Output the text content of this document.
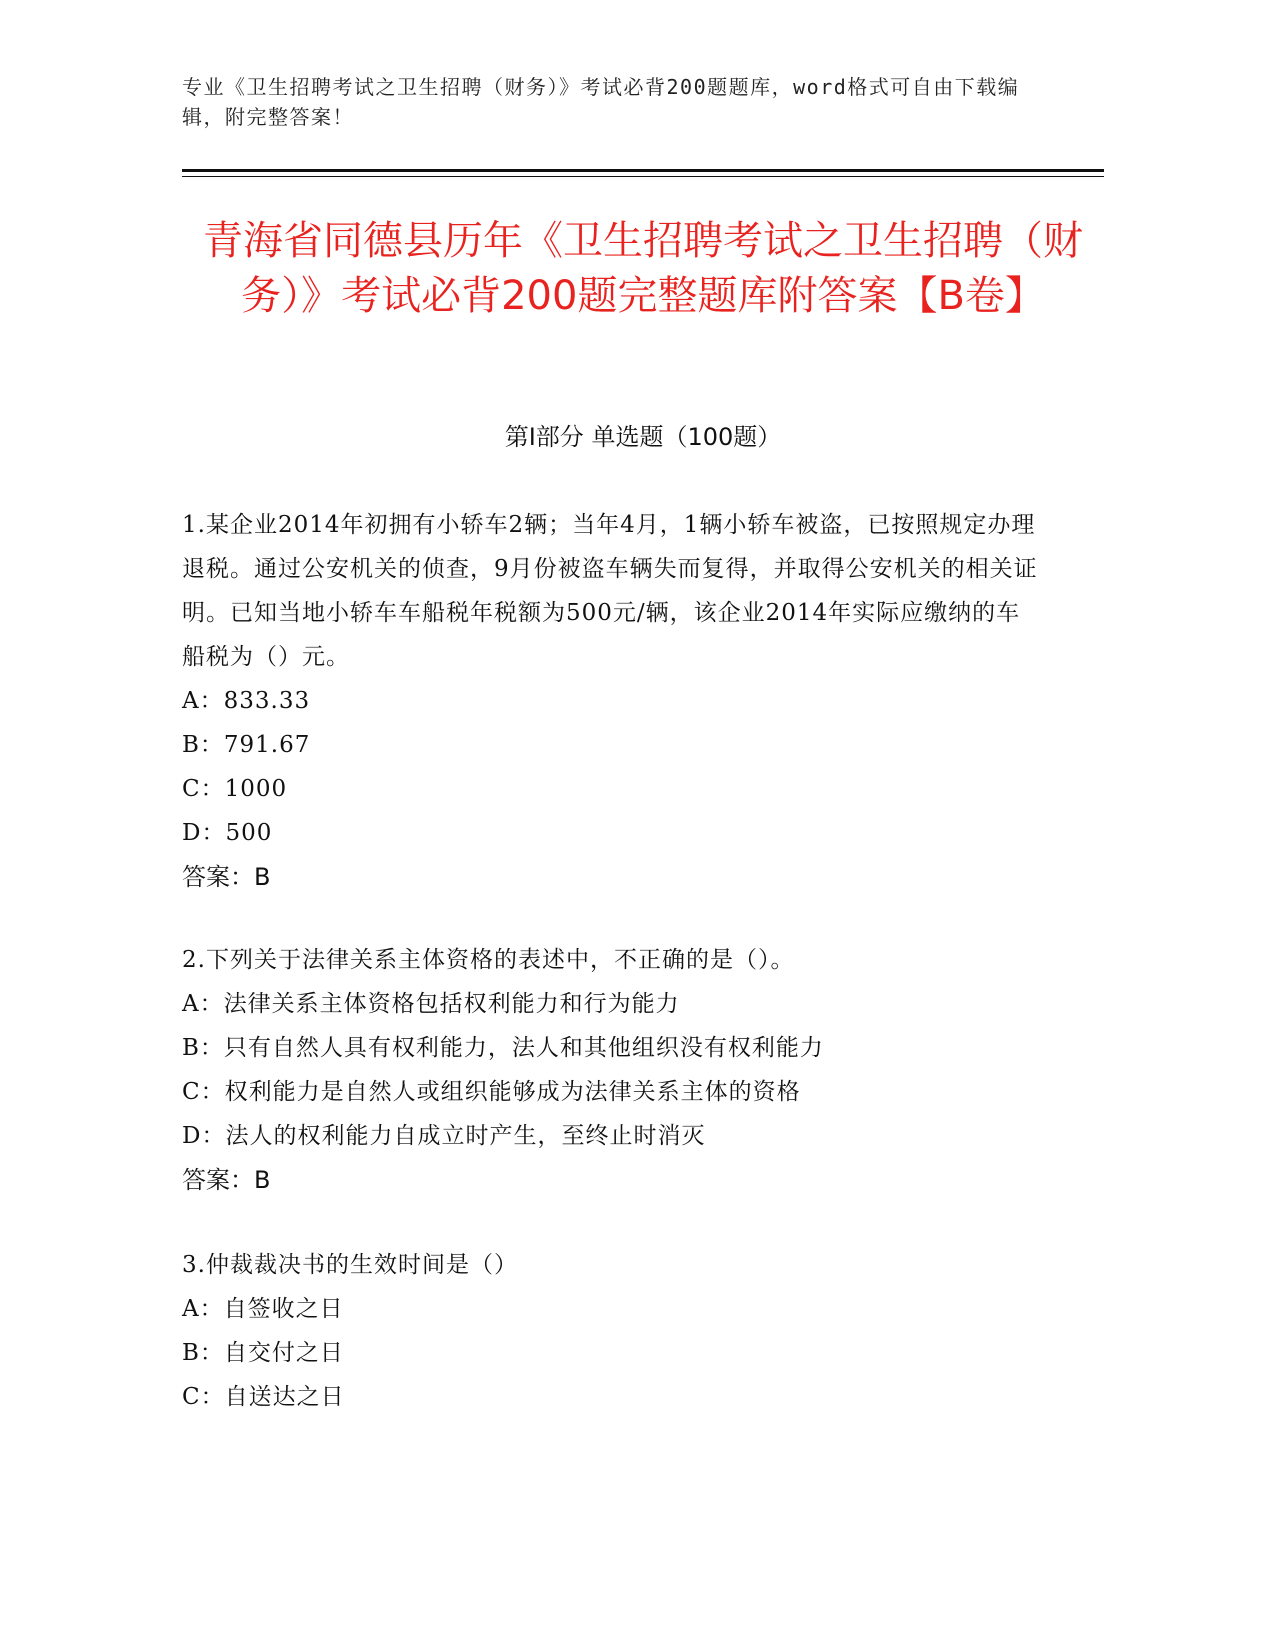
专业《卫生招聘考试之卫生招聘（财务）》考试必背200题题库，word格式可自由下载编辑，附完整答案！
青海省同德县历年《卫生招聘考试之卫生招聘（财务）》考试必背200题完整题库附答案【B卷】
第Ⅰ部分 单选题（100题）
1.某企业2014年初拥有小轿车2辆；当年4月，1辆小轿车被盗，已按照规定办理退税。通过公安机关的侦查，9月份被盗车辆失而复得，并取得公安机关的相关证明。已知当地小轿车车船税年税额为500元/辆，该企业2014年实际应缴纳的车船税为（）元。
A：833.33
B：791.67
C：1000
D：500
答案：B
2.下列关于法律关系主体资格的表述中，不正确的是（）。
A：法律关系主体资格包括权利能力和行为能力
B：只有自然人具有权利能力，法人和其他组织没有权利能力
C：权利能力是自然人或组织能够成为法律关系主体的资格
D：法人的权利能力自成立时产生，至终止时消灭
答案：B
3.仲裁裁决书的生效时间是（）
A：自签收之日
B：自交付之日
C：自送达之日
